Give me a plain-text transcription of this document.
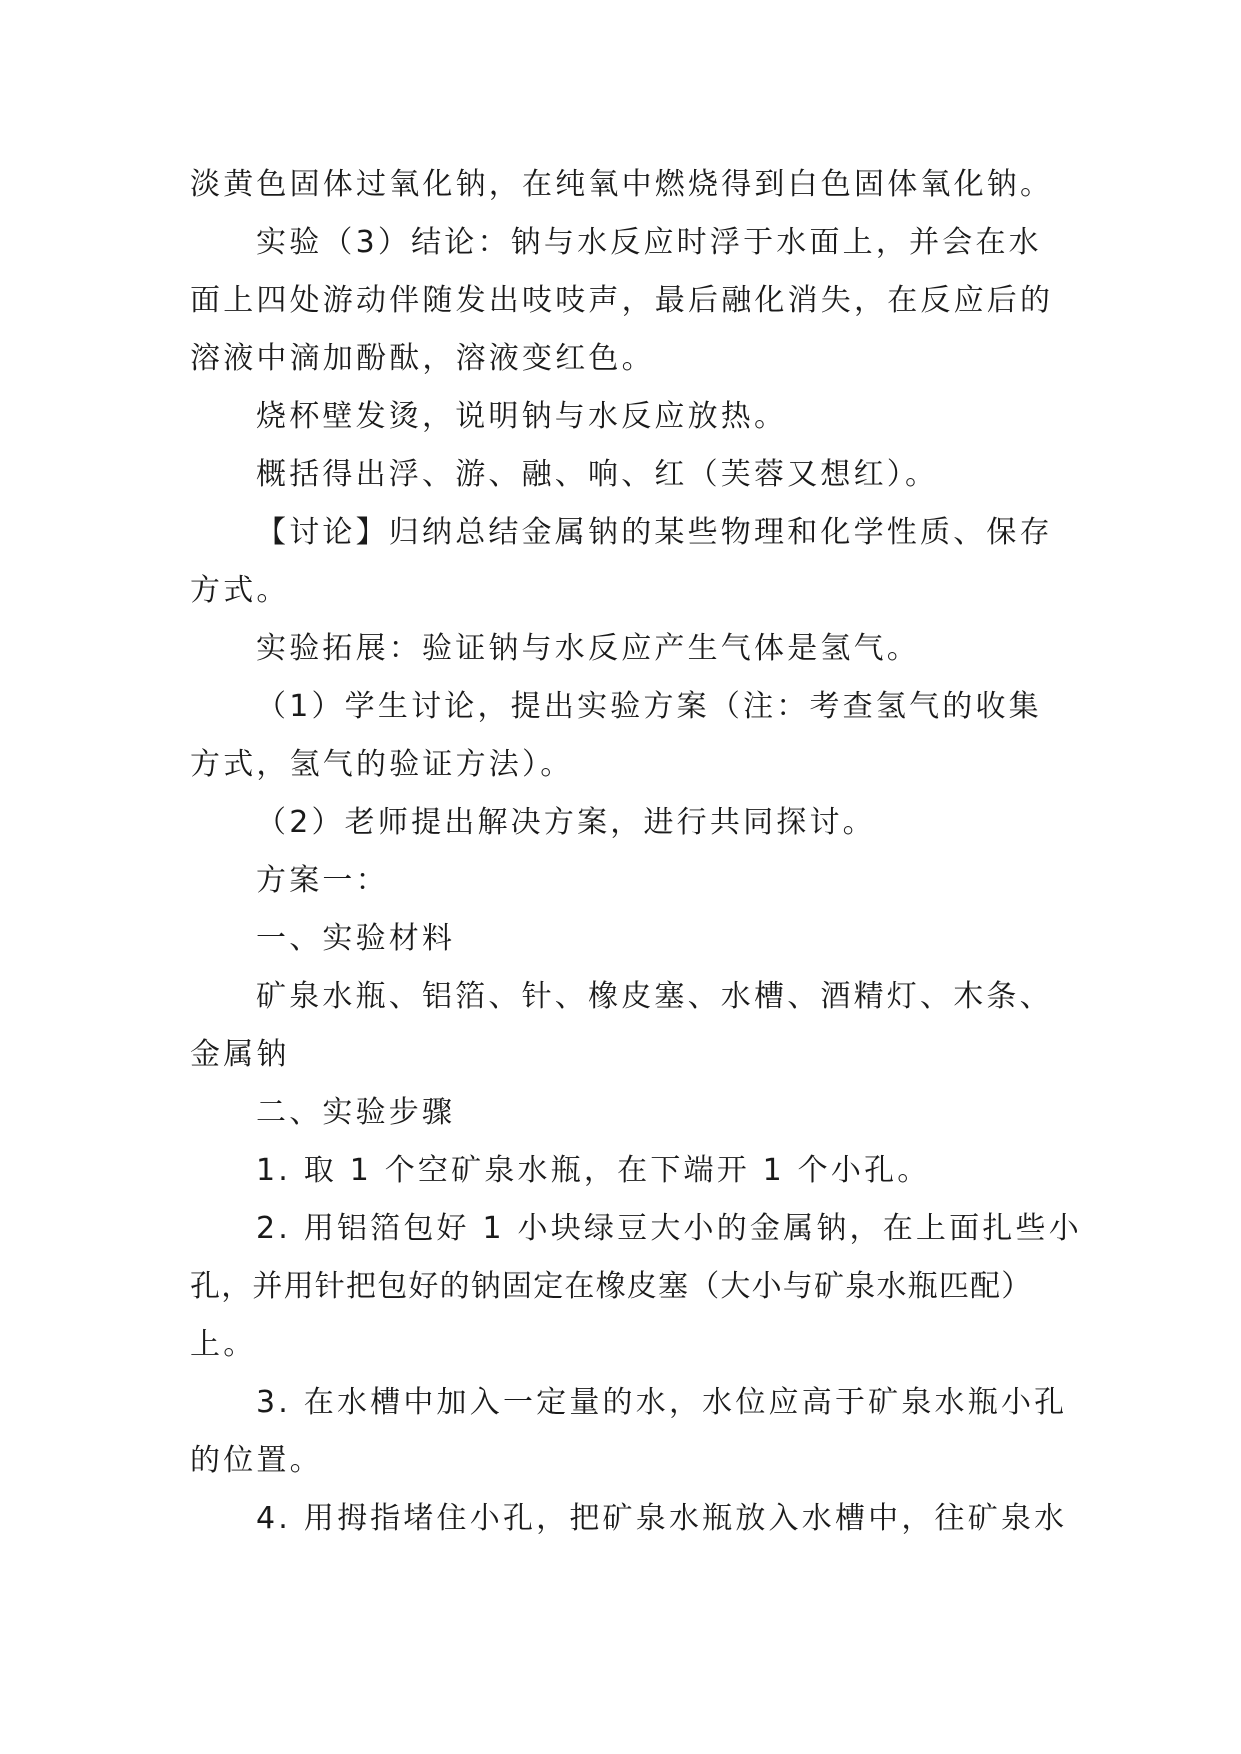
淡黄色固体过氧化钠，在纯氧中燃烧得到白色固体氧化钠。
实验（3）结论：钠与水反应时浮于水面上，并会在水
面上四处游动伴随发出吱吱声，最后融化消失，在反应后的
溶液中滴加酚酞，溶液变红色。
烧杯壁发烫，说明钠与水反应放热。
概括得出浮、游、融、响、红（芙蓉又想红）。
【讨论】归纳总结金属钠的某些物理和化学性质、保存
方式。
实验拓展：验证钠与水反应产生气体是氢气。
（1）学生讨论，提出实验方案（注：考查氢气的收集
方式，氢气的验证方法）。
（2）老师提出解决方案，进行共同探讨。
方案一：
一、实验材料
矿泉水瓶、铝箔、针、橡皮塞、水槽、酒精灯、木条、
金属钠
二、实验步骤
1. 取 1 个空矿泉水瓶，在下端开 1 个小孔。
2. 用铝箔包好 1 小块绿豆大小的金属钠，在上面扎些小
孔，并用针把包好的钠固定在橡皮塞（大小与矿泉水瓶匹配）
上。
3. 在水槽中加入一定量的水，水位应高于矿泉水瓶小孔
的位置。
4. 用拇指堵住小孔，把矿泉水瓶放入水槽中，往矿泉水
